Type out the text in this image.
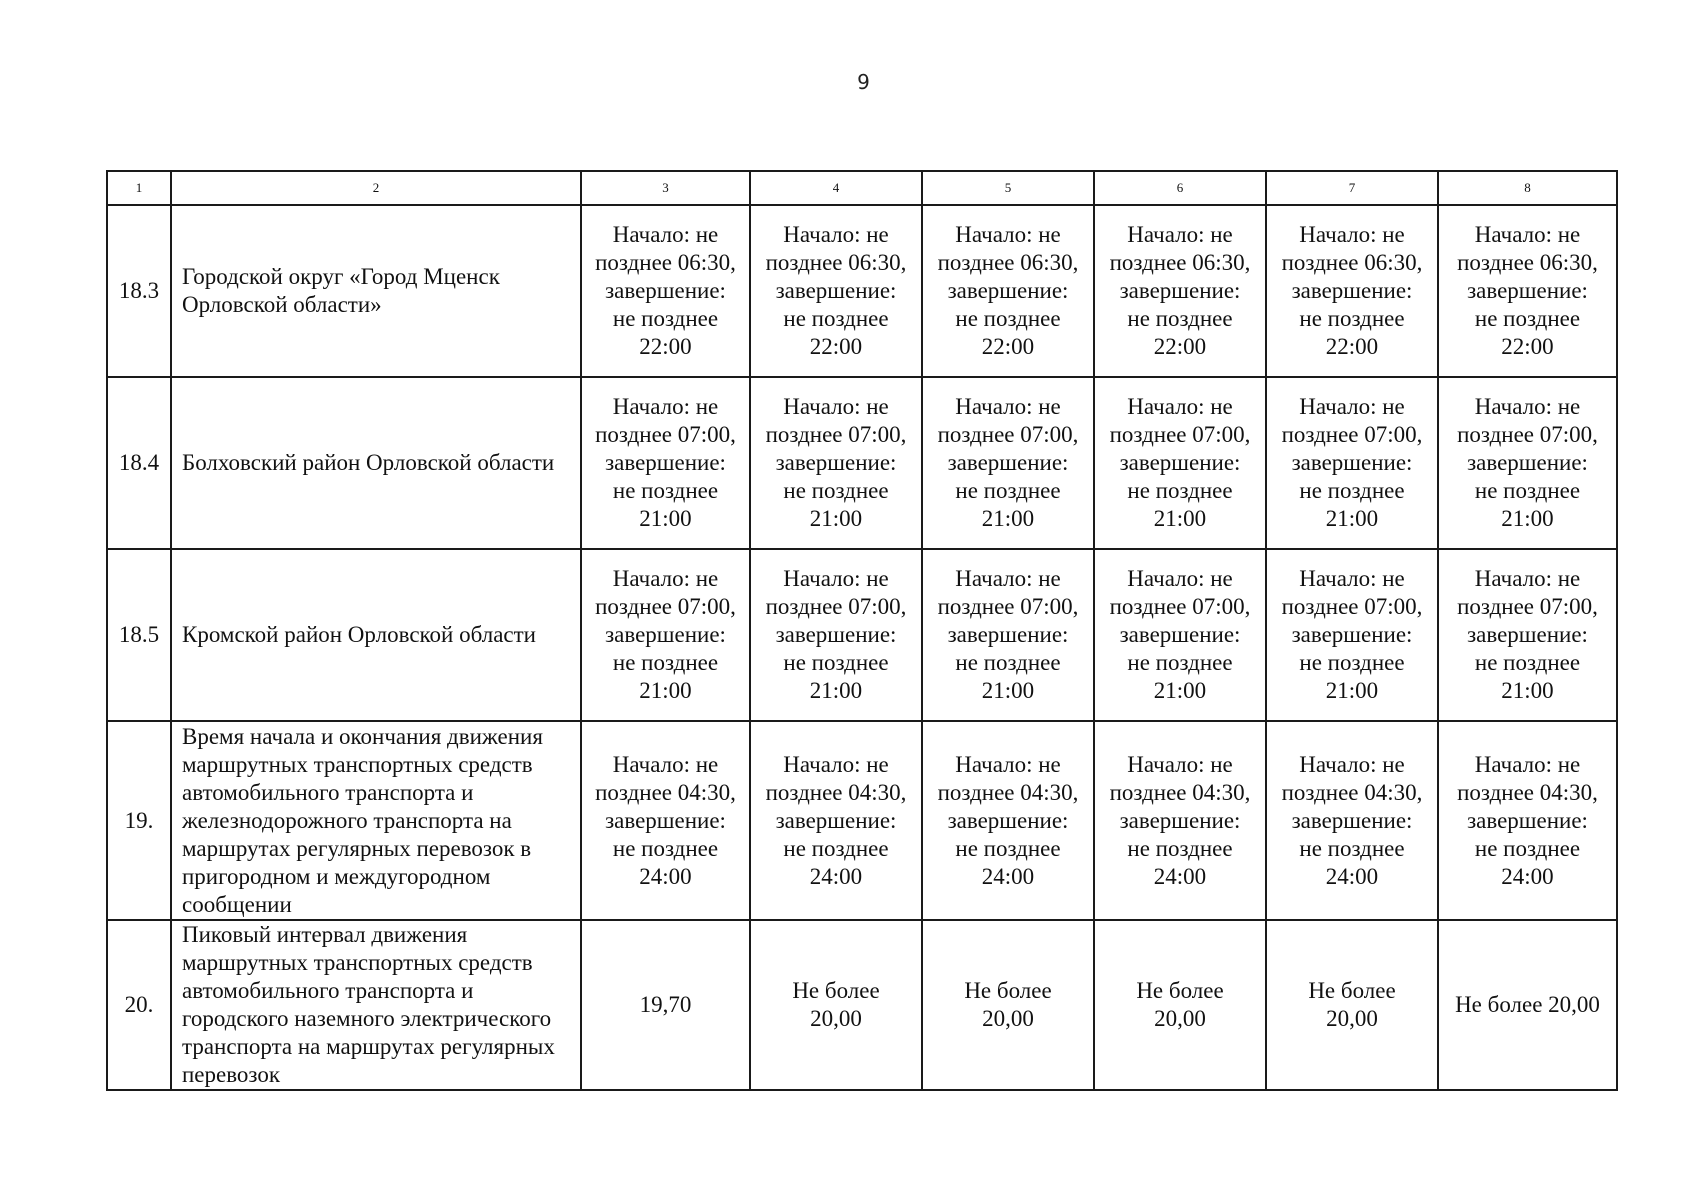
9
1	2	3	4	5	6	7	8
18.3	Городской округ «Город Мценск Орловской области»	Начало: не
позднее 06:30,
завершение:
не позднее
22:00	Начало: не
позднее 06:30,
завершение:
не позднее
22:00	Начало: не
позднее 06:30,
завершение:
не позднее
22:00	Начало: не
позднее 06:30,
завершение:
не позднее
22:00	Начало: не
позднее 06:30,
завершение:
не позднее
22:00	Начало: не
позднее 06:30,
завершение:
не позднее
22:00
18.4	Болховский район Орловской области	Начало: не
позднее 07:00,
завершение:
не позднее
21:00	Начало: не
позднее 07:00,
завершение:
не позднее
21:00	Начало: не
позднее 07:00,
завершение:
не позднее
21:00	Начало: не
позднее 07:00,
завершение:
не позднее
21:00	Начало: не
позднее 07:00,
завершение:
не позднее
21:00	Начало: не
позднее 07:00,
завершение:
не позднее
21:00
18.5	Кромской район Орловской области	Начало: не
позднее 07:00,
завершение:
не позднее
21:00	Начало: не
позднее 07:00,
завершение:
не позднее
21:00	Начало: не
позднее 07:00,
завершение:
не позднее
21:00	Начало: не
позднее 07:00,
завершение:
не позднее
21:00	Начало: не
позднее 07:00,
завершение:
не позднее
21:00	Начало: не
позднее 07:00,
завершение:
не позднее
21:00
19.	Время начала и окончания движения маршрутных транспортных средств автомобильного транспорта и железнодорожного транспорта на маршрутах регулярных перевозок в пригородном и междугородном сообщении	Начало: не
позднее 04:30,
завершение:
не позднее
24:00	Начало: не
позднее 04:30,
завершение:
не позднее
24:00	Начало: не
позднее 04:30,
завершение:
не позднее
24:00	Начало: не
позднее 04:30,
завершение:
не позднее
24:00	Начало: не
позднее 04:30,
завершение:
не позднее
24:00	Начало: не
позднее 04:30,
завершение:
не позднее
24:00
20.	Пиковый интервал движения маршрутных транспортных средств автомобильного транспорта и городского наземного электрического транспорта на маршрутах регулярных перевозок	19,70	Не более
20,00	Не более
20,00	Не более
20,00	Не более
20,00	Не более 20,00
